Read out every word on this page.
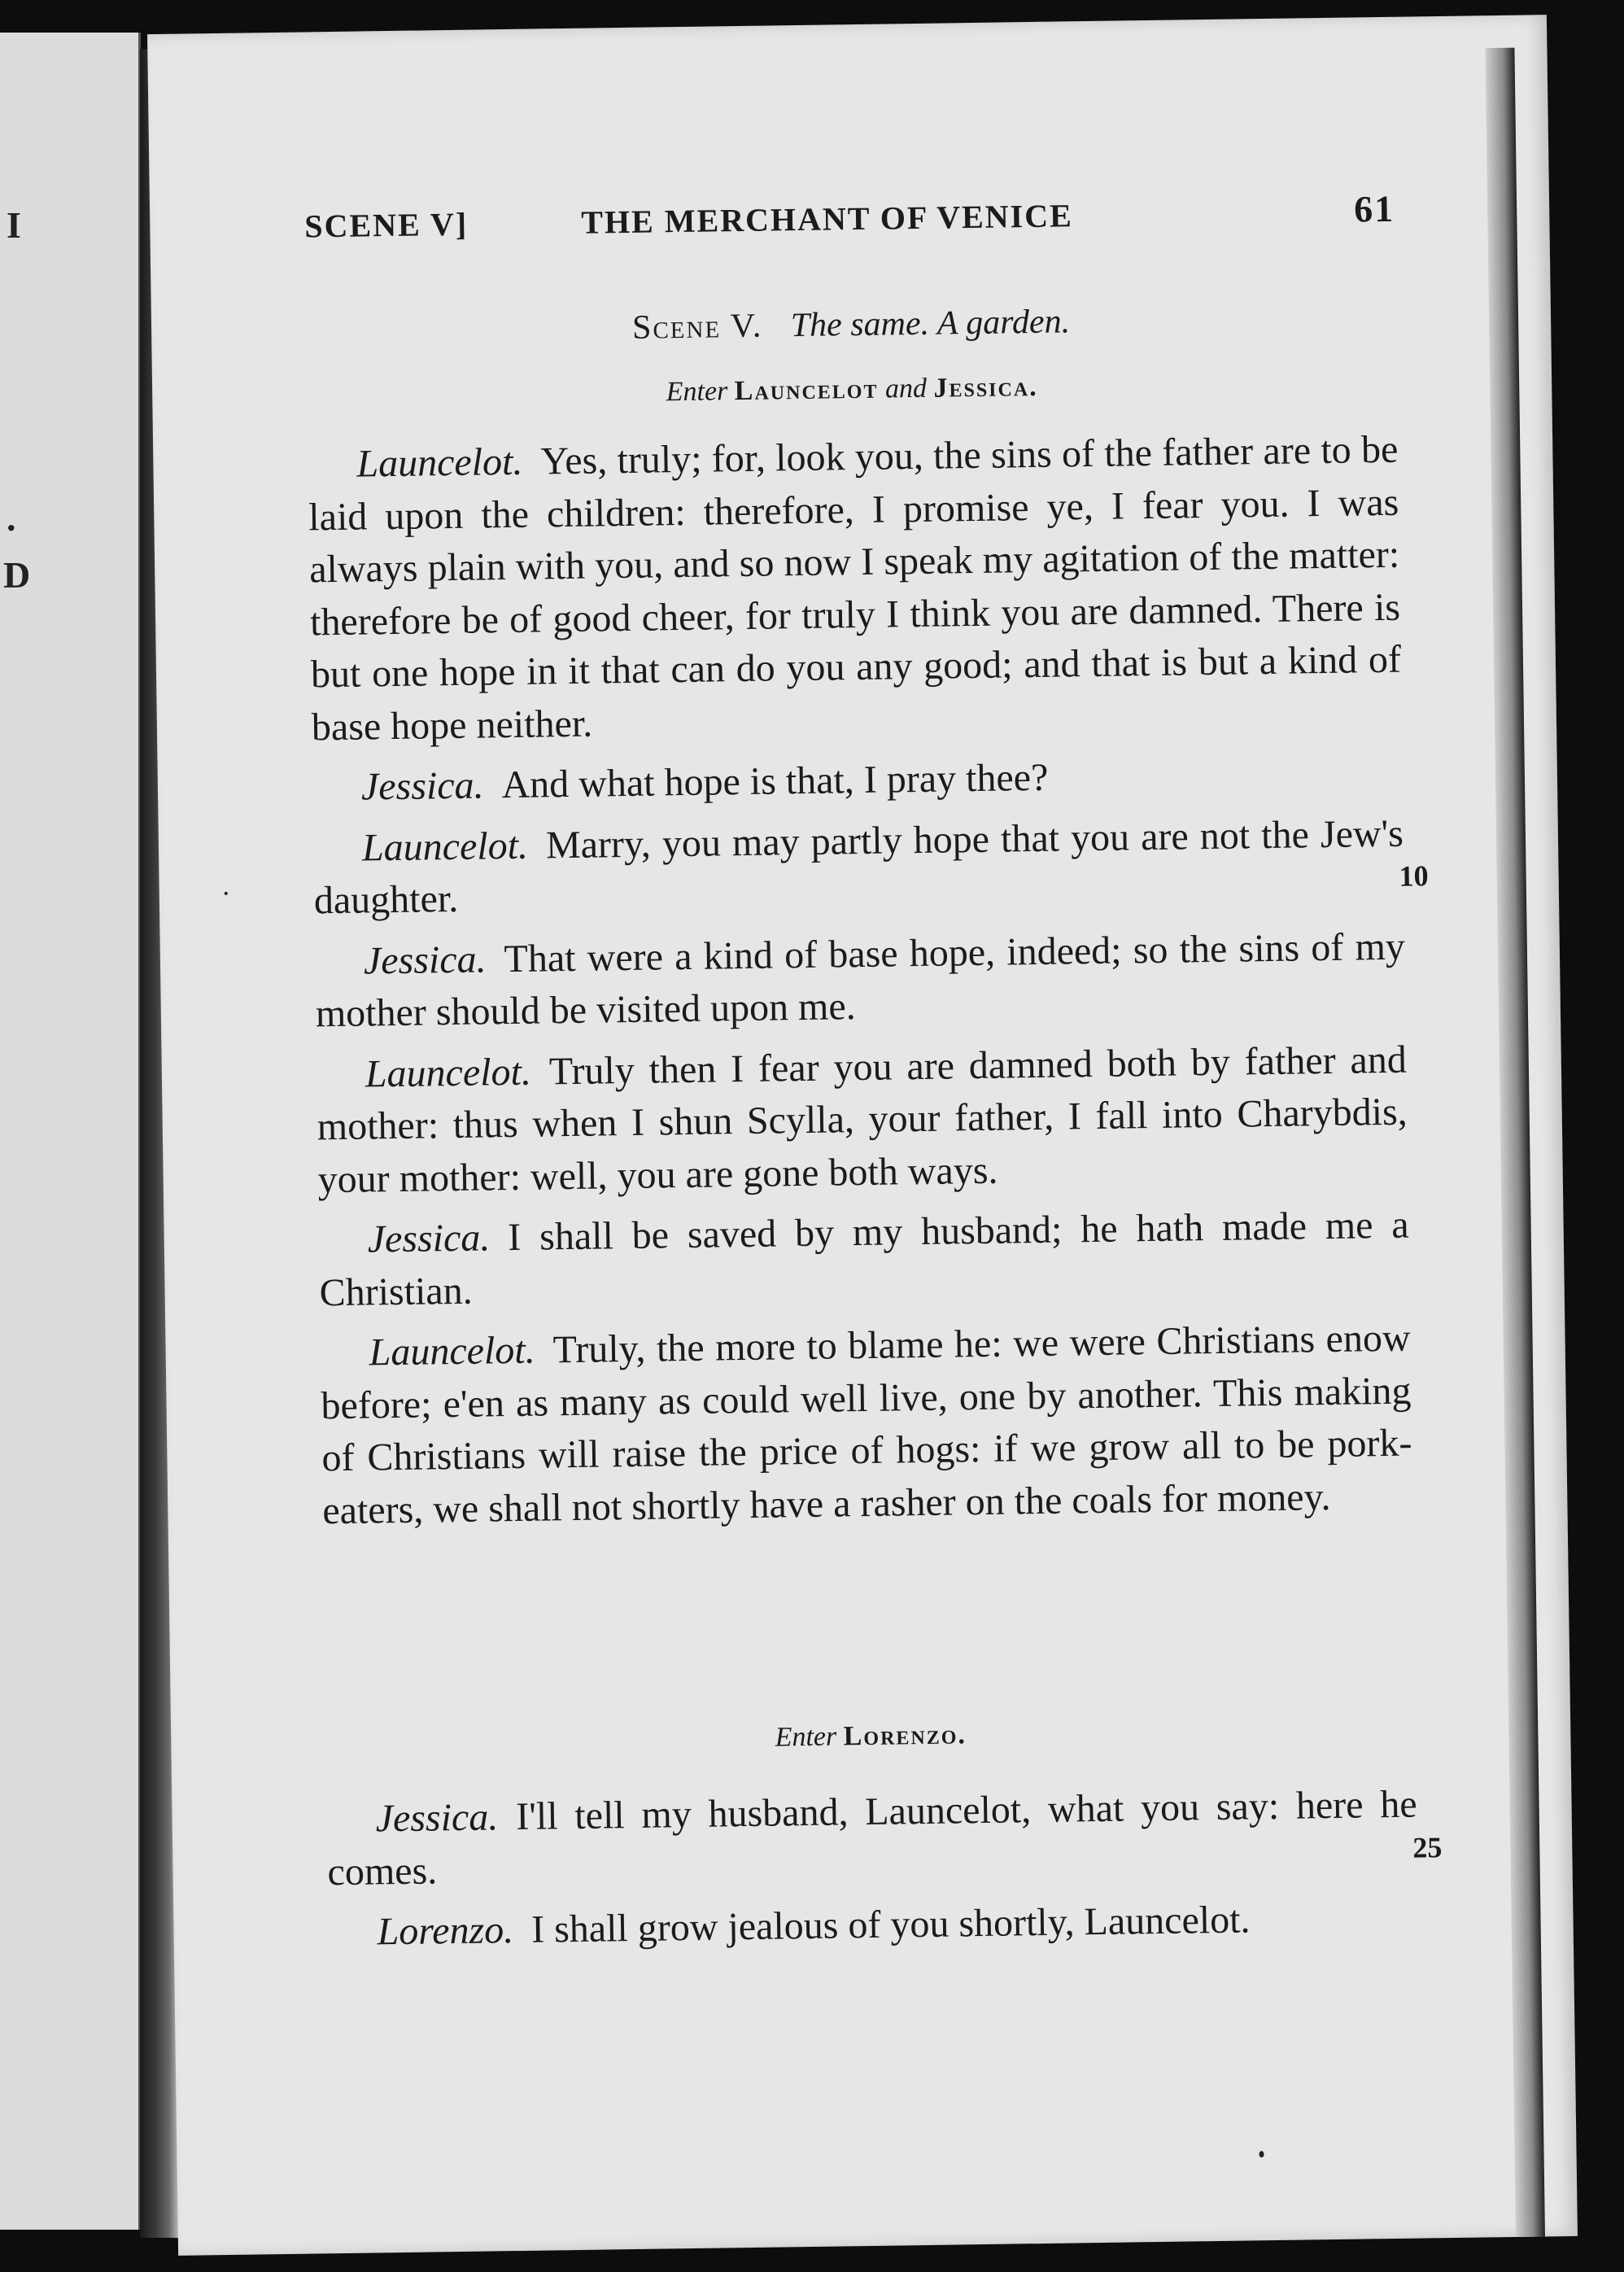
I
.
D
SCENE V]	THE MERCHANT OF VENICE	61
Scene V. The same. A garden.
Enter Launcelot and Jessica.

Launcelot. Yes, truly; for, look you, the sins of the father are to be laid upon the children: therefore, I promise ye, I fear you. I was always plain with you, and so now I speak my agitation of the matter: therefore be of good cheer, for truly I think you are damned. There is but one hope in it that can do you any good; and that is but a kind of base hope neither.

Jessica. And what hope is that, I pray thee?

Launcelot. Marry, you may partly hope that you are not the Jew's daughter.
10

Jessica. That were a kind of base hope, indeed; so the sins of my mother should be visited upon me.

Launcelot. Truly then I fear you are damned both by father and mother: thus when I shun Scylla, your father, I fall into Charybdis, your mother: well, you are gone both ways.

Jessica. I shall be saved by my husband; he hath made me a Christian.

Launcelot. Truly, the more to blame he: we were Christians enow before; e'en as many as could well live, one by another. This making of Christians will raise the price of hogs: if we grow all to be pork-eaters, we shall not shortly have a rasher on the coals for money.

Enter Lorenzo.

Jessica. I'll tell my husband, Launcelot, what you say: here he comes.
25

Lorenzo. I shall grow jealous of you shortly, Launcelot.
